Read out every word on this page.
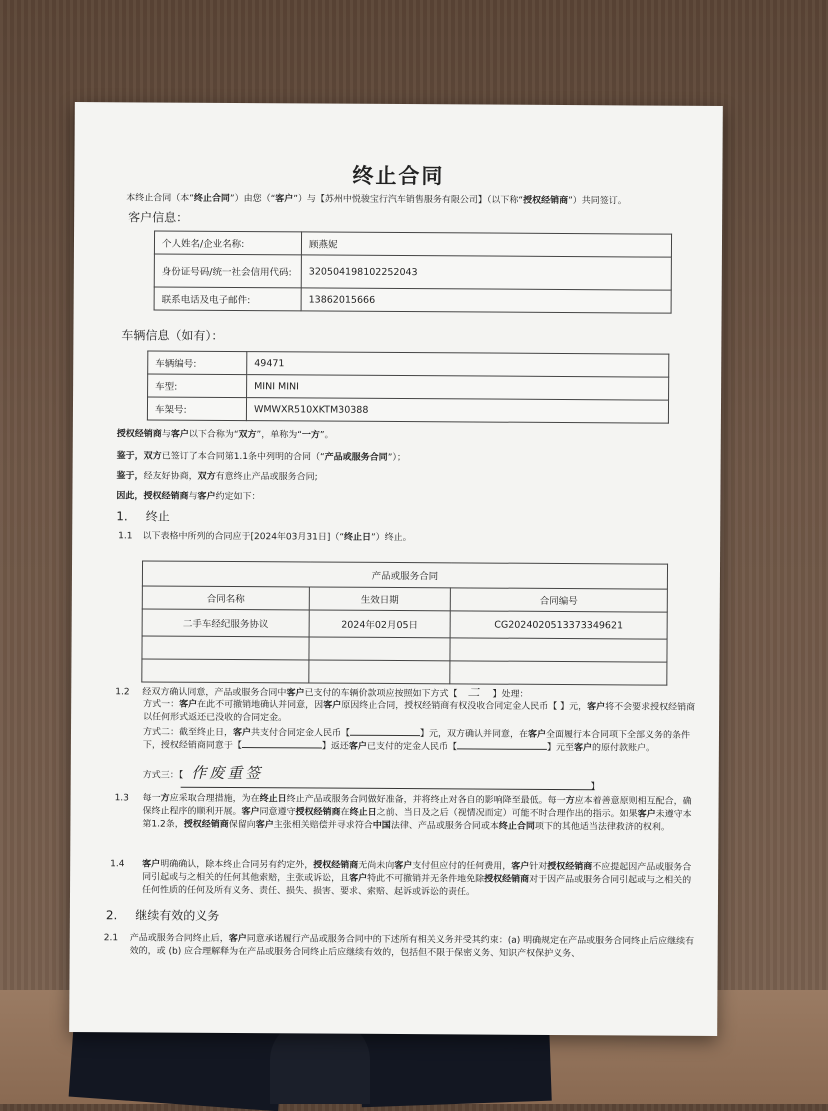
终止合同
本终止合同（本“终止合同”）由您（“客户”）与【苏州中悦骏宝行汽车销售服务有限公司】（以下称“授权经销商”）共同签订。
客户信息：
个人姓名/企业名称:	顾燕妮
身份证号码/统一社会信用代码:	320504198102252043
联系电话及电子邮件:	13862015666
车辆信息（如有）：
车辆编号:	49471
车型:	MINI MINI
车架号:	WMWXR510XKTM30388
授权经销商与客户以下合称为“双方”，单称为“一方”。
鉴于，双方已签订了本合同第1.1条中列明的合同（“产品或服务合同”）；
鉴于，经友好协商，双方有意终止产品或服务合同;
因此，授权经销商与客户约定如下：
1. 终止
1.1 以下表格中所列的合同应于[2024年03月31日]（“终止日”）终止。
产品或服务合同		
合同名称	生效日期	合同编号
二手车经纪服务协议	2024年02月05日	CG202402051337334962​1

1.2 经双方确认同意，产品或服务合同中客户已支付的车辆价款项应按照如下方式【 二 】处理：
方式一：客户在此不可撤销地确认并同意，因客户原因终止合同，授权经销商有权没收合同定金人民币【 】元，客户将不会要求授权经销商以任何形式返还已没收的合同定金。
方式二：截至终止日，客户共支付合同定金人民币【	】元，双方确认并同意，在客户全面履行本合同项下全部义务的条件下，授权经销商同意于【	】返还客户已支付的定金人民币【	】元至客户的原付款账户。
方式三：【 作废重签
】
1.3	每一方应采取合理措施，为在终止日终止产品或服务合同做好准备，并将终止对各自的影响降至最低。每一方应本着善意原则相互配合，确保终止程序的顺利开展。客户同意遵守授权经销商在终止日之前、当日及之后（视情况而定）可能不时合理作出的指示。如果客户未遵守本第1.2条，授权经销商保留向客户主张相关赔偿并寻求符合中国法律、产品或服务合同或本终止合同项下的其他适当法律救济的权利。
1.4	客户明确确认，除本终止合同另有约定外，授权经销商无尚未向客户支付但应付的任何费用，客户针对授权经销商不应提起因产品或服务合同引起或与之相关的任何其他索赔，主张或诉讼，且客户特此不可撤销并无条件地免除授权经销商对于因产品或服务合同引起或与之相关的任何性质的任何及所有义务、责任、损失、损害、要求、索赔、起诉或诉讼的责任。
2. 继续有效的义务
2.1	产品或服务合同终止后，客户同意承诺履行产品或服务合同中的下述所有相关义务并受其约束：(a) 明确规定在产品或服务合同终止后应继续有效的，或 (b) 应合理解释为在产品或服务合同终止后应继续有效的，包括但不限于保密义务、知识产权保护义务、
